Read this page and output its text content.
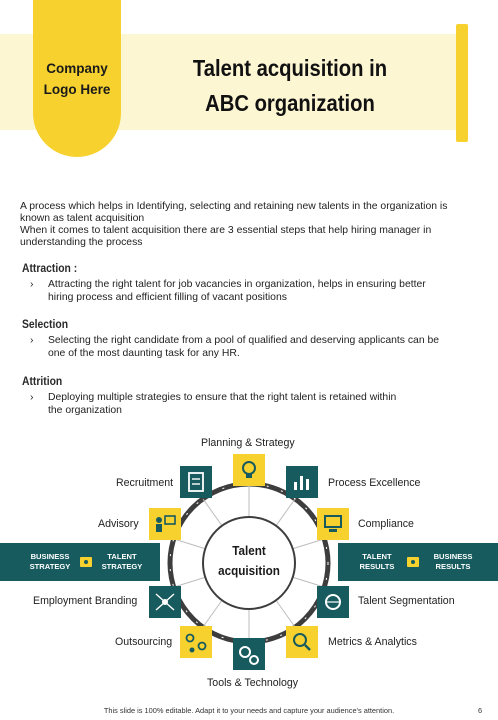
Company
Logo Here
Talent acquisition in
ABC organization
A process which helps in Identifying, selecting and retaining new talents in the organization is
known as talent acquisition
When it comes to talent acquisition there are 3 essential steps that help hiring manager in
understanding the process
Attraction :
› Attracting the right talent for job vacancies in organization, helps in ensuring better
hiring process and efficient filling of vacant positions
Selection
› Selecting the right candidate from a pool of qualified and deserving applicants can be
one of the most daunting task for any HR.
Attrition
› Deploying multiple strategies to ensure that the right talent is retained within
the organization
BUSINESS
STRATEGY
TALENT
STRATEGY
TALENT
RESULTS
BUSINESS
RESULTS
Talent
acquisition
Planning & Strategy
Process Excellence
Compliance
Talent Segmentation
Metrics & Analytics
Tools & Technology
Outsourcing
Employment Branding
Advisory
Recruitment
This slide is 100% editable. Adapt it to your needs and capture your audience's attention.	6
